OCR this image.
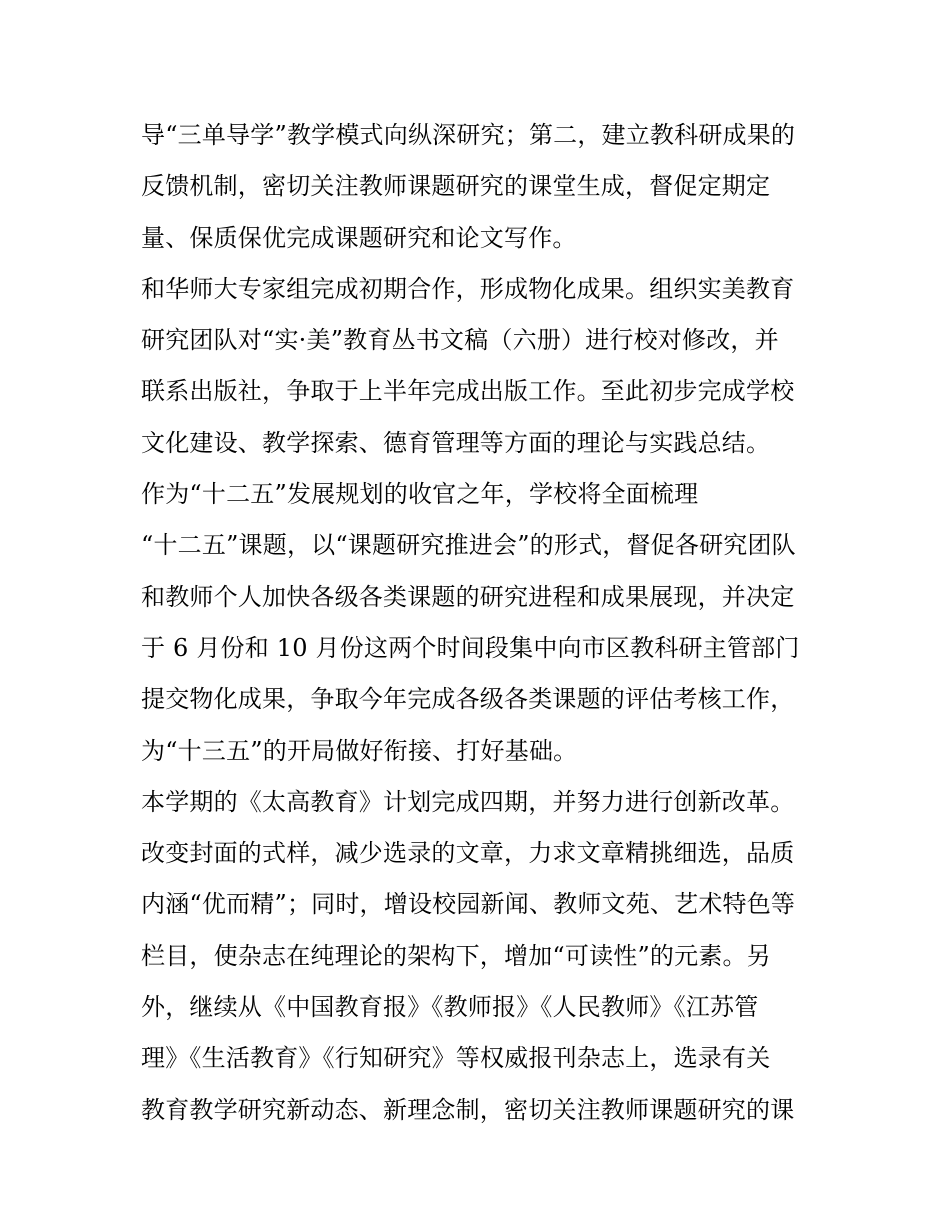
导“三单导学”教学模式向纵深研究；第二，建立教科研成果的
反馈机制，密切关注教师课题研究的课堂生成，督促定期定
量、保质保优完成课题研究和论文写作。
和华师大专家组完成初期合作，形成物化成果。组织实美教育
研究团队对“实·美”教育丛书文稿（六册）进行校对修改，并
联系出版社，争取于上半年完成出版工作。至此初步完成学校
文化建设、教学探索、德育管理等方面的理论与实践总结。
作为“十二五”发展规划的收官之年，学校将全面梳理
“十二五”课题，以“课题研究推进会”的形式，督促各研究团队
和教师个人加快各级各类课题的研究进程和成果展现，并决定
于 6 月份和 10 月份这两个时间段集中向市区教科研主管部门
提交物化成果，争取今年完成各级各类课题的评估考核工作，
为“十三五”的开局做好衔接、打好基础。
本学期的《太高教育》计划完成四期，并努力进行创新改革。
改变封面的式样，减少选录的文章，力求文章精挑细选，品质
内涵“优而精”；同时，增设校园新闻、教师文苑、艺术特色等
栏目，使杂志在纯理论的架构下，增加“可读性”的元素。另
外，继续从《中国教育报》《教师报》《人民教师》《江苏管
理》《生活教育》《行知研究》等权威报刊杂志上，选录有关
教育教学研究新动态、新理念制，密切关注教师课题研究的课
